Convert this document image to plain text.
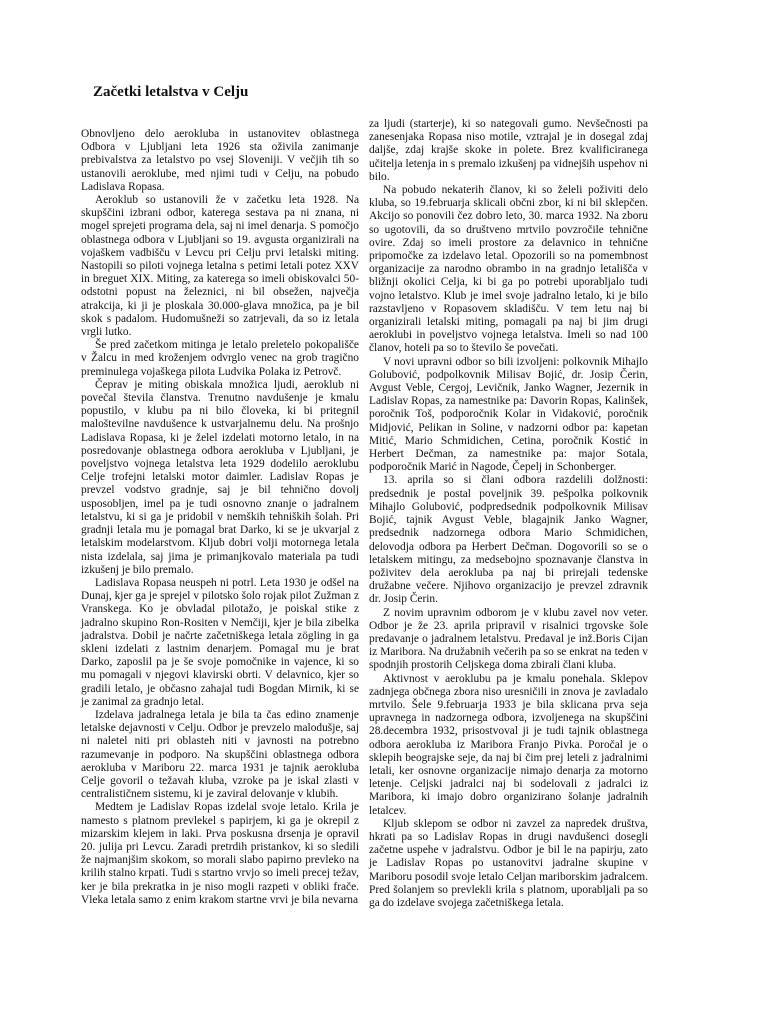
Začetki letalstva v Celju

Obnovljeno delo aerokluba in ustanovitev oblastnega Odbora v Ljubljani leta 1926 sta oživila zanimanje prebivalstva za letalstvo po vsej Sloveniji. V večjih tih so ustanovili aeroklube, med njimi tudi v Celju, na pobudo Ladislava Ropasa.

Aeroklub so ustanovili že v začetku leta 1928. Na skupščini izbrani odbor, katerega sestava pa ni znana, ni mogel sprejeti programa dela, saj ni imel denarja. S pomočjo oblastnega odbora v Ljubljani so 19. avgusta organizirali na vojaškem vadbišču v Levcu pri Celju prvi letalski miting. Nastopili so piloti vojnega letalna s petimi letali potez XXV in breguet XIX. Miting, za katerega so imeli obiskovalci 50-odstotni popust na železnici, ni bil obsežen, največja atrakcija, ki ji je ploskala 30.000-glava množica, pa je bil skok s padalom. Hudomušneži so zatrjevali, da so iz letala vrgli lutko.

Še pred začetkom mitinga je letalo preletelo pokopališče v Žalcu in med kroženjem odvrglo venec na grob tragično preminulega vojaškega pilota Ludvika Polaka iz Petrovč.

Čeprav je miting obiskala množica ljudi, aeroklub ni povečal števila članstva. Trenutno navdušenje je kmalu popustilo, v klubu pa ni bilo človeka, ki bi pritegnil maloštevilne navdušence k ustvarjalnemu delu. Na prošnjo Ladislava Ropasa, ki je želel izdelati motorno letalo, in na posredovanje oblastnega odbora aerokluba v Ljubljani, je poveljstvo vojnega letalstva leta 1929 dodelilo aeroklubu Celje trofejni letalski motor daimler. Ladislav Ropas je prevzel vodstvo gradnje, saj je bil tehnično dovolj usposobljen, imel pa je tudi osnovno znanje o jadralnem letalstvu, ki si ga je pridobil v nemških tehniških šolah. Pri gradnji letala mu je pomagal brat Darko, ki se je ukvarjal z letalskim modelarstvom. Kljub dobri volji motornega letala nista izdelala, saj jima je primanjkovalo materiala pa tudi izkušenj je bilo premalo.

Ladislava Ropasa neuspeh ni potrl. Leta 1930 je odšel na Dunaj, kjer ga je sprejel v pilotsko šolo rojak pilot Zužman z Vranskega. Ko je obvladal pilotažo, je poiskal stike z jadralno skupino Ron-Rositen v Nemčiji, kjer je bila zibelka jadralstva. Dobil je načrte začetniškega letala zögling in ga skleni izdelati z lastnim denarjem. Pomagal mu je brat Darko, zaposlil pa je še svoje pomočnike in vajence, ki so mu pomagali v njegovi klavirski obrti. V delavnico, kjer so gradili letalo, je občasno zahajal tudi Bogdan Mirnik, ki se je zanimal za gradnjo letal.

Izdelava jadralnega letala je bila ta čas edino znamenje letalske dejavnosti v Celju. Odbor je prevzelo malodušje, saj ni naletel niti pri oblasteh niti v javnosti na potrebno razumevanje in podporo. Na skupščini oblastnega odbora aerokluba v Mariboru 22. marca 1931 je tajnik aerokluba Celje govoril o težavah kluba, vzroke pa je iskal zlasti v centralističnem sistemu, ki je zaviral delovanje v klubih.

Medtem je Ladislav Ropas izdelal svoje letalo. Krila je namesto s platnom prevlekel s papirjem, ki ga je okrepil z mizarskim klejem in laki. Prva poskusna drsenja je opravil 20. julija pri Levcu. Zaradi pretrdih pristankov, ki so sledili že najmanjšim skokom, so morali slabo papirno prevleko na krilih stalno krpati. Tudi s startno vrvjo so imeli precej težav, ker je bila prekratka in je niso mogli razpeti v obliki frače. Vleka letala samo z enim krakom startne vrvi je bila nevarna

za ljudi (starterje), ki so nategovali gumo. Nevšečnosti pa zanesenjaka Ropasa niso motile, vztrajal je in dosegal zdaj daljše, zdaj krajše skoke in polete. Brez kvalificiranega učitelja letenja in s premalo izkušenj pa vidnejših uspehov ni bilo.

Na pobudo nekaterih članov, ki so želeli poživiti delo kluba, so 19.februarja sklicali občni zbor, ki ni bil sklepčen. Akcijo so ponovili čez dobro leto, 30. marca 1932. Na zboru so ugotovili, da so društveno mrtvilo povzročile tehnične ovire. Zdaj so imeli prostore za delavnico in tehnične pripomočke za izdelavo letal. Opozorili so na pomembnost organizacije za narodno obrambo in na gradnjo letališča v bližnji okolici Celja, ki bi ga po potrebi uporabljalo tudi vojno letalstvo. Klub je imel svoje jadralno letalo, ki je bilo razstavljeno v Ropasovem skladišču. V tem letu naj bi organizirali letalski miting, pomagali pa naj bi jim drugi aeroklubi in poveljstvo vojnega letalstva. Imeli so nad 100 članov, hoteli pa so to število še povečati.

V novi upravni odbor so bili izvoljeni: polkovnik Mihajlo Golubović, podpolkovnik Milisav Bojić, dr. Josip Čerin, Avgust Veble, Cergoj, Levičnik, Janko Wagner, Jezernik in Ladislav Ropas, za namestnike pa: Davorin Ropas, Kalinšek, poročnik Toš, podporočnik Kolar in Vidaković, poročnik Midjović, Pelikan in Soline, v nadzorni odbor pa: kapetan Mitić, Mario Schmidichen, Cetina, poročnik Kostić in Herbert Dečman, za namestnike pa: major Sotala, podporočnik Marić in Nagode, Čepelj in Schonberger.

13. aprila so si člani odbora razdelili dolžnosti: predsednik je postal poveljnik 39. pešpolka polkovnik Mihajlo Golubović, podpredsednik podpolkovnik Milisav Bojić, tajnik Avgust Veble, blagajnik Janko Wagner, predsednik nadzornega odbora Mario Schmidichen, delovodja odbora pa Herbert Dečman. Dogovorili so se o letalskem mitingu, za medsebojno spoznavanje članstva in poživitev dela aerokluba pa naj bi prirejali tedenske družabne večere. Njihovo organizacijo je prevzel zdravnik dr. Josip Čerin.

Z novim upravnim odborom je v klubu zavel nov veter. Odbor je že 23. aprila pripravil v risalnici trgovske šole predavanje o jadralnem letalstvu. Predaval je inž.Boris Cijan iz Maribora. Na družabnih večerih pa so se enkrat na teden v spodnjih prostorih Celjskega doma zbirali člani kluba.

Aktivnost v aeroklubu pa je kmalu ponehala. Sklepov zadnjega občnega zbora niso uresničili in znova je zavladalo mrtvilo. Šele 9.februarja 1933 je bila sklicana prva seja upravnega in nadzornega odbora, izvoljenega na skupščini 28.decembra 1932, prisostvoval ji je tudi tajnik oblastnega odbora aerokluba iz Maribora Franjo Pivka. Poročal je o sklepih beograjske seje, da naj bi čim prej leteli z jadralnimi letali, ker osnovne organizacije nimajo denarja za motorno letenje. Celjski jadralci naj bi sodelovali z jadralci iz Maribora, ki imajo dobro organizirano šolanje jadralnih letalcev.

Kljub sklepom se odbor ni zavzel za napredek društva, hkrati pa so Ladislav Ropas in drugi navdušenci dosegli začetne uspehe v jadralstvu. Odbor je bil le na papirju, zato je Ladislav Ropas po ustanovitvi jadralne skupine v Mariboru posodil svoje letalo Celjan mariborskim jadralcem. Pred šolanjem so prevlekli krila s platnom, uporabljali pa so ga do izdelave svojega začetniškega letala.
